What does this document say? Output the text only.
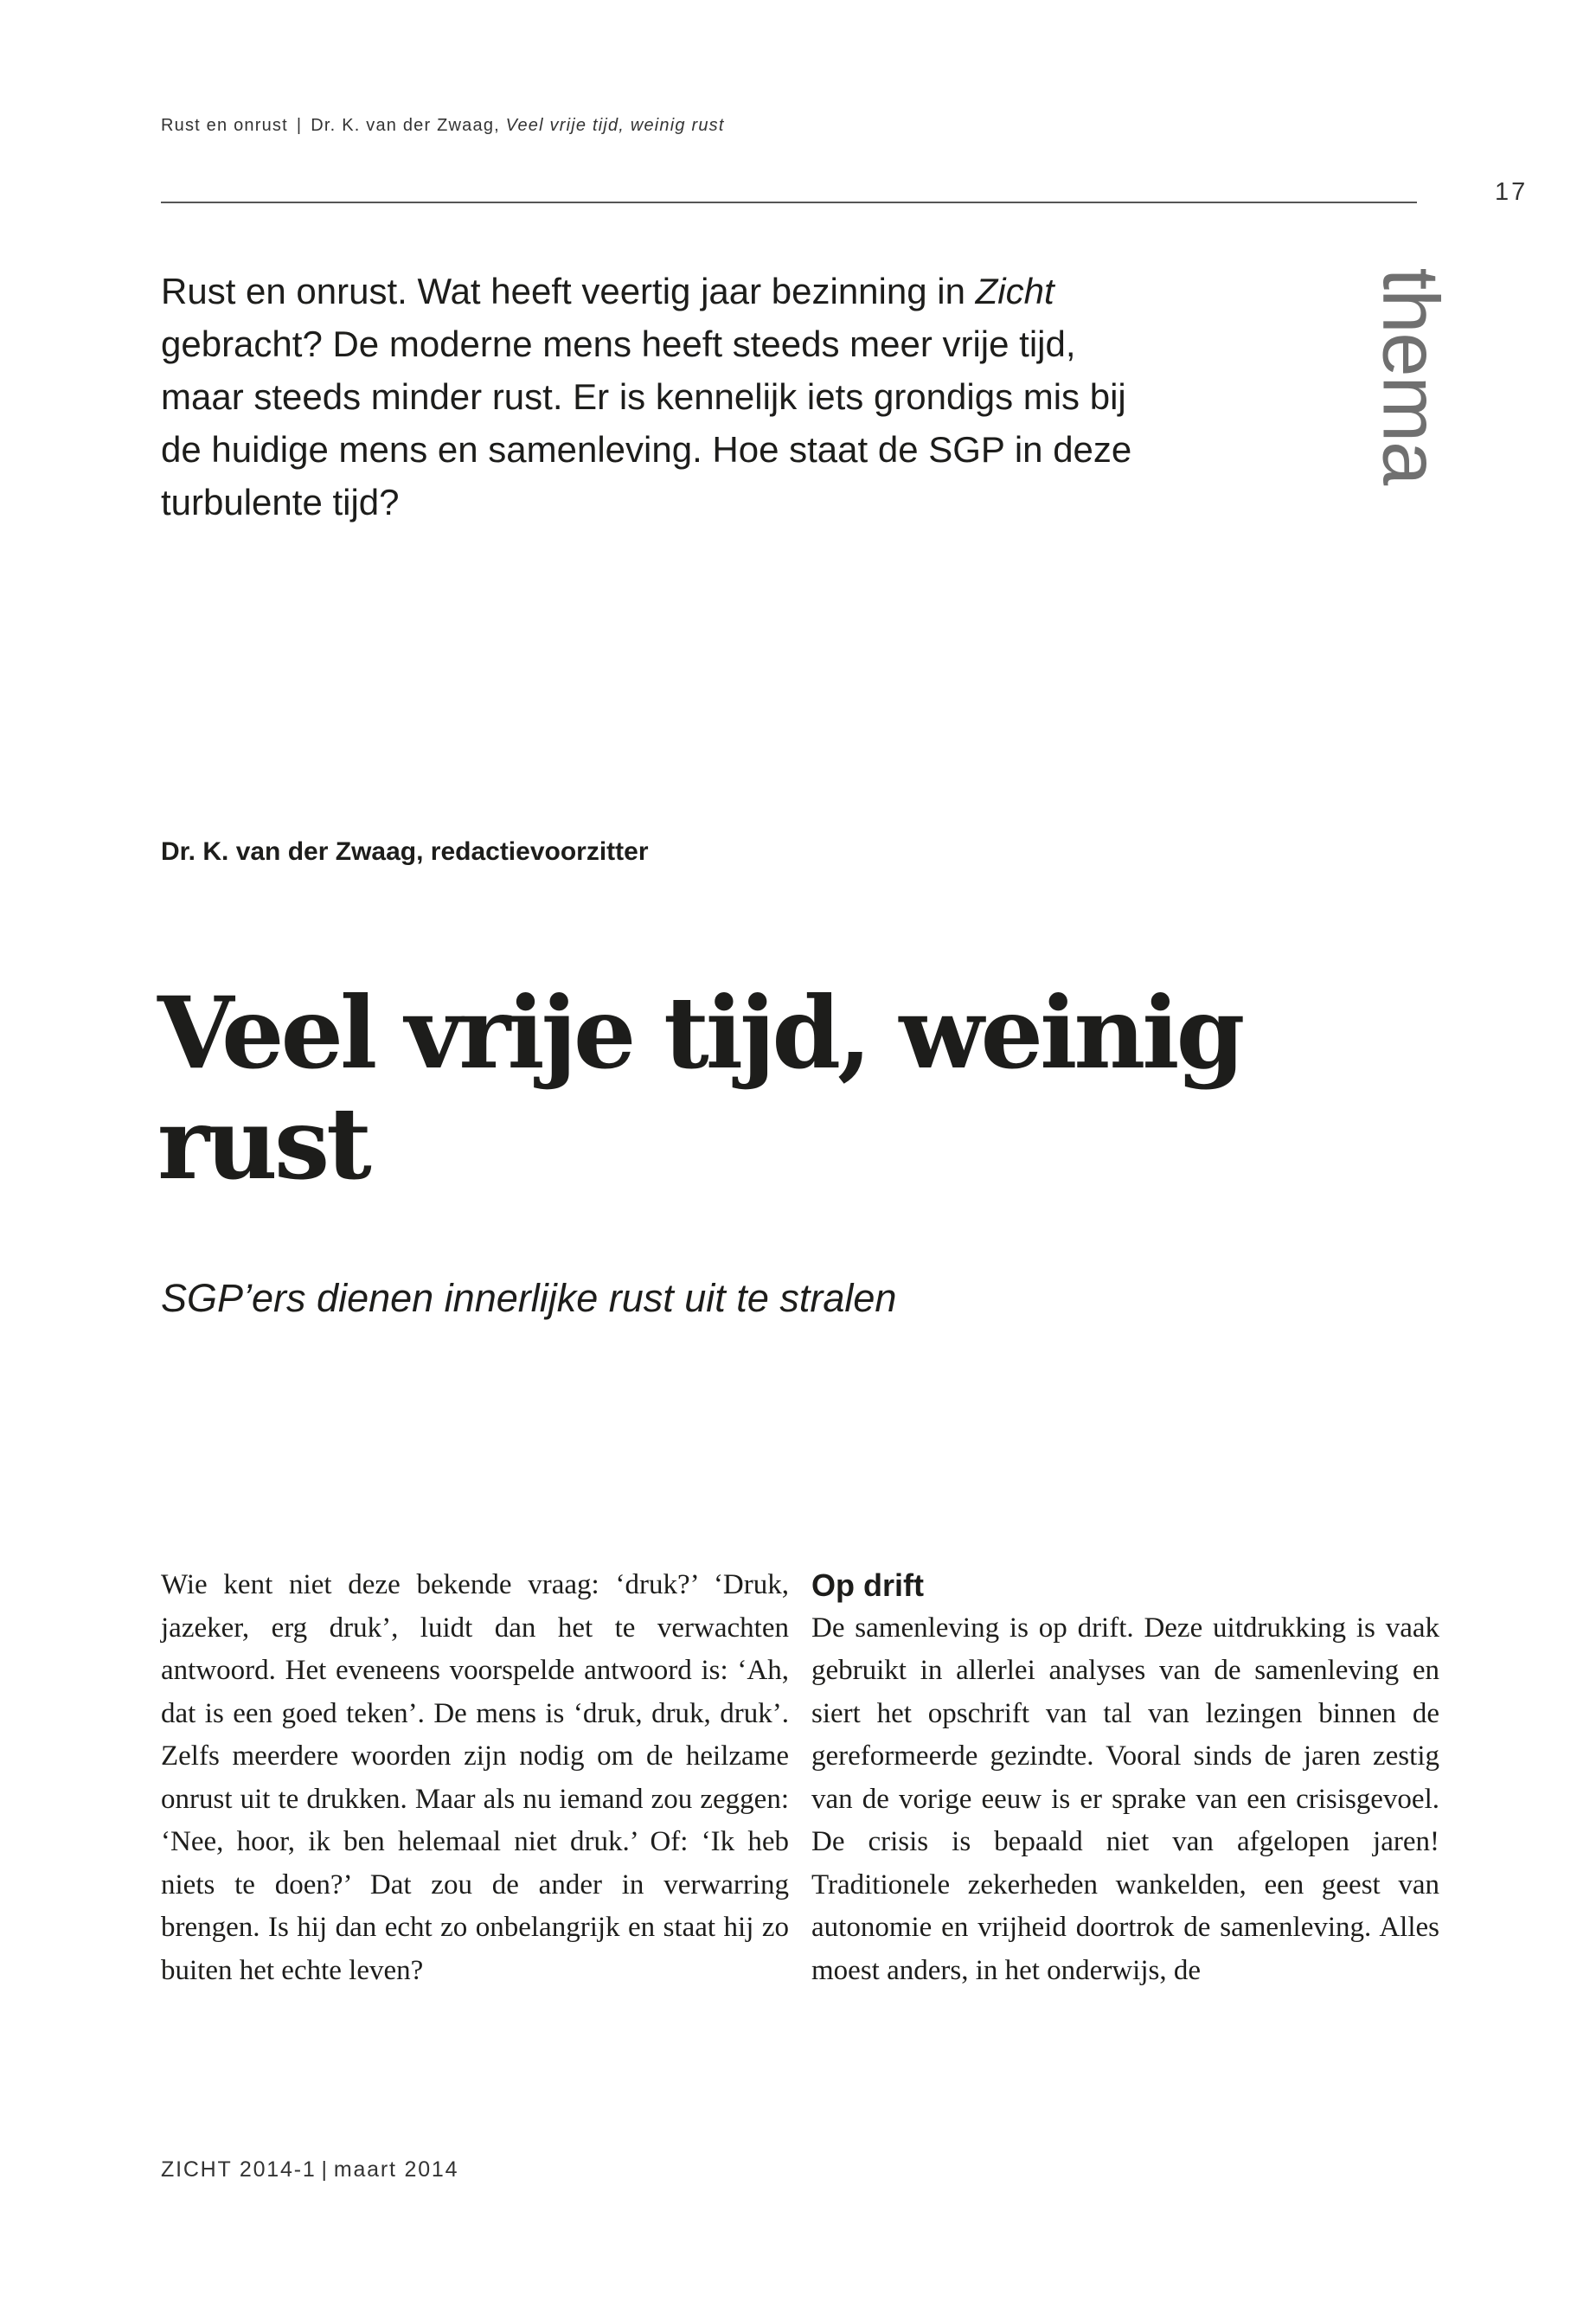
Rust en onrust | Dr. K. van der Zwaag, Veel vrije tijd, weinig rust
17
thema

Rust en onrust. Wat heeft veertig jaar bezinning in Zicht gebracht? De moderne mens heeft steeds meer vrije tijd, maar steeds minder rust. Er is kennelijk iets grondigs mis bij de huidige mens en samenleving. Hoe staat de SGP in deze turbulente tijd?

Dr. K. van der Zwaag, redactievoorzitter
Veel vrije tijd, weinig rust
SGP’ers dienen innerlijke rust uit te stralen

Wie kent niet deze bekende vraag: ‘druk?’ ‘Druk, jazeker, erg druk’, luidt dan het te verwachten antwoord. Het eveneens voorspelde antwoord is: ‘Ah, dat is een goed teken’. De mens is ‘druk, druk, druk’. Zelfs meerdere woorden zijn nodig om de heilzame onrust uit te drukken. Maar als nu iemand zou zeggen: ‘Nee, hoor, ik ben helemaal niet druk.’ Of: ‘Ik heb niets te doen?’ Dat zou de ander in verwarring brengen. Is hij dan echt zo onbelangrijk en staat hij zo buiten het echte leven?

Op drift

De samenleving is op drift. Deze uitdrukking is vaak gebruikt in allerlei analyses van de samenleving en siert het opschrift van tal van lezingen binnen de gereformeerde gezindte. Vooral sinds de jaren zestig van de vorige eeuw is er sprake van een crisisgevoel. De crisis is bepaald niet van afgelopen jaren! Traditionele zekerheden wankelden, een geest van autonomie en vrijheid doortrok de samenleving. Alles moest anders, in het onderwijs, de

ZICHT 2014-1 | maart 2014
